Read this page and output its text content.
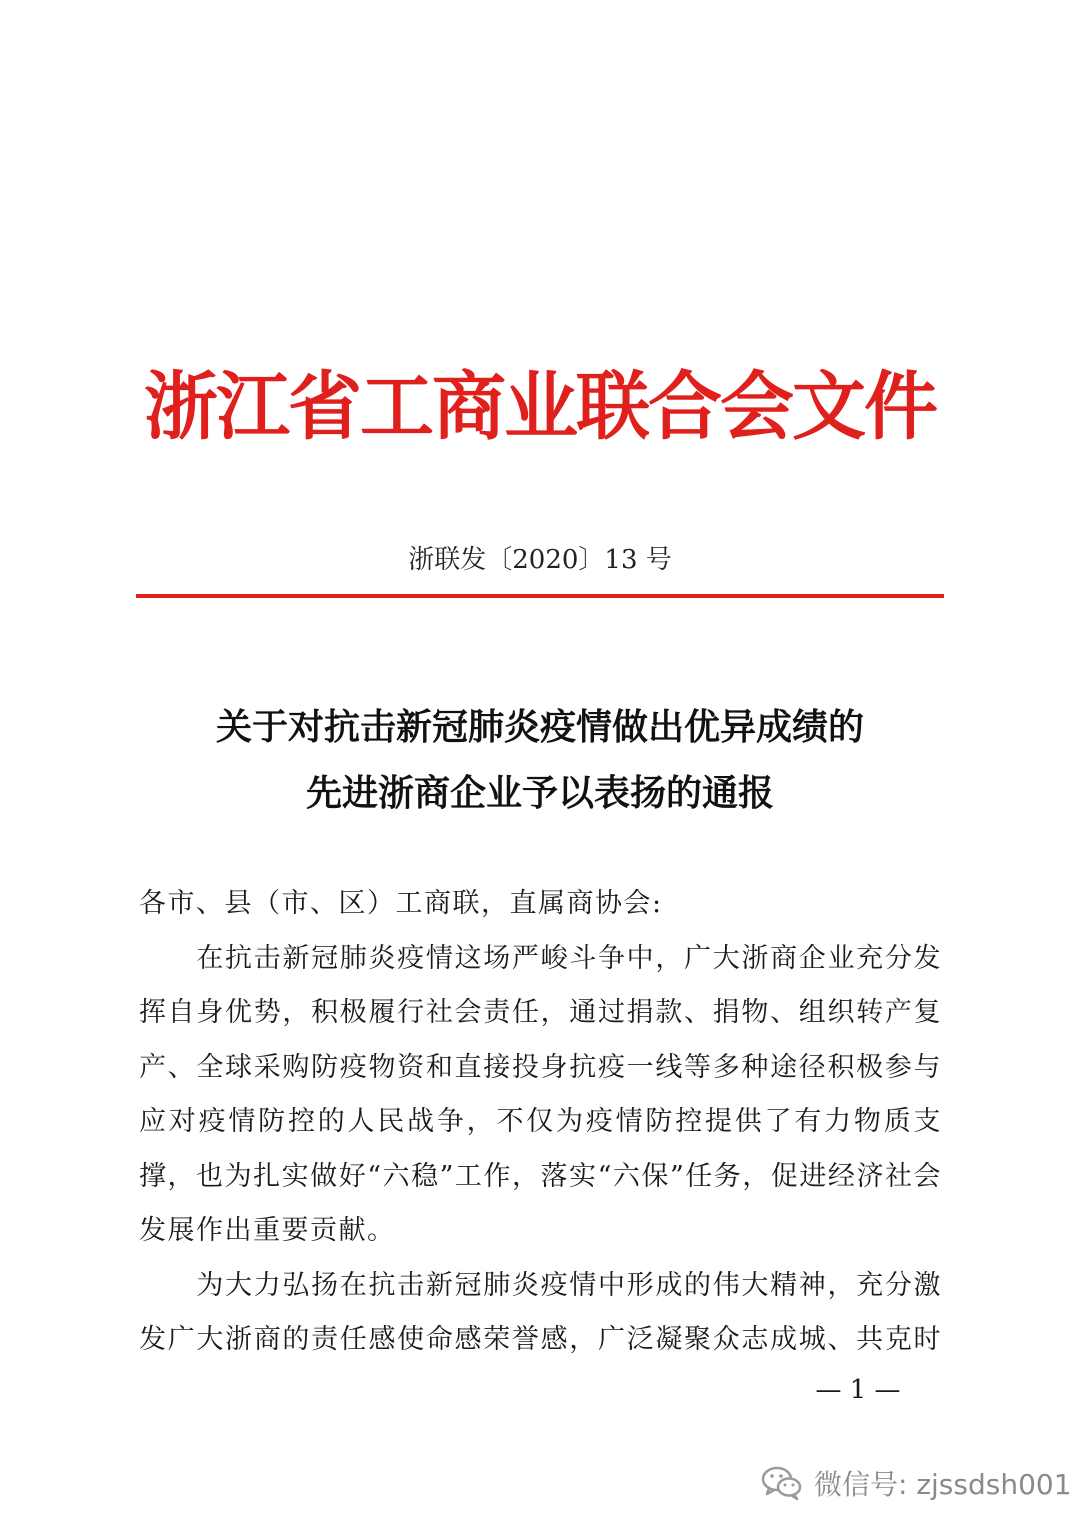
浙江省工商业联合会文件
浙联发〔2020〕13 号
关于对抗击新冠肺炎疫情做出优异成绩的
先进浙商企业予以表扬的通报
各市、县（市、区）工商联，直属商协会:
　　在抗击新冠肺炎疫情这场严峻斗争中，广大浙商企业充分发
挥自身优势，积极履行社会责任，通过捐款、捐物、组织转产复
产、全球采购防疫物资和直接投身抗疫一线等多种途径积极参与
应对疫情防控的人民战争，不仅为疫情防控提供了有力物质支
撑，也为扎实做好“六稳”工作，落实“六保”任务，促进经济社会
发展作出重要贡献。
　　为大力弘扬在抗击新冠肺炎疫情中形成的伟大精神，充分激
发广大浙商的责任感使命感荣誉感，广泛凝聚众志成城、共克时
— 1 —
微信号: zjssdsh001
